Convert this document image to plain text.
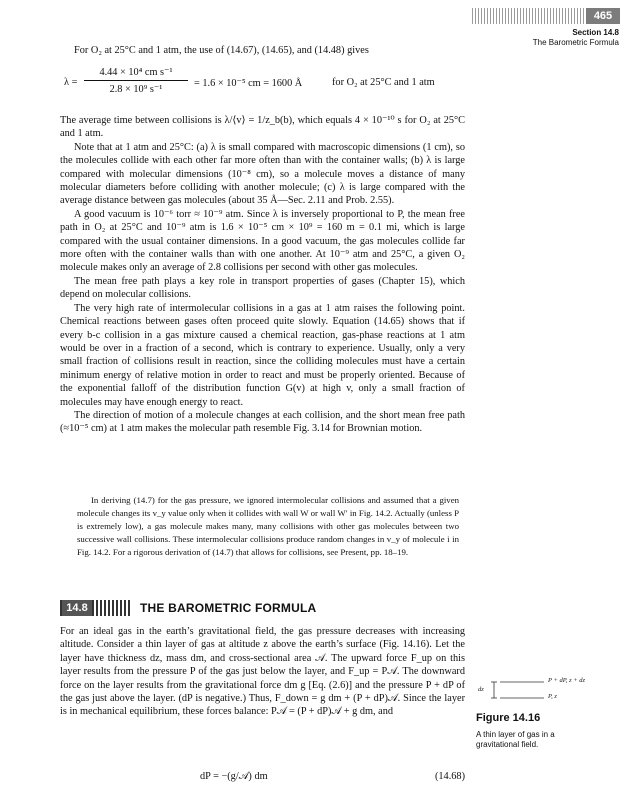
465
Section 14.8
The Barometric Formula

For O₂ at 25°C and 1 atm, the use of (14.67), (14.65), and (14.48) gives

$\lambda = \frac{\text{4.44 × 10⁴ cm s⁻¹}}{\text{2.8 × 10⁹ s⁻¹}} = 1.6 \times 10^{-5}$ cm = 1600 Å	for O₂ at 25°C and 1 atm

The average time between collisions is λ/⟨v⟩ = 1/z_b(b), which equals 4 × 10⁻¹⁰ s for O₂ at 25°C and 1 atm.

Note that at 1 atm and 25°C: (a) λ is small compared with macroscopic dimensions (1 cm), so the molecules collide with each other far more often than with the container walls; (b) λ is large compared with molecular dimensions (10⁻⁸ cm), so a molecule moves a distance of many molecular diameters before colliding with another molecule; (c) λ is large compared with the average distance between gas molecules (about 35 Å—Sec. 2.11 and Prob. 2.55).

A good vacuum is 10⁻⁶ torr ≈ 10⁻⁹ atm. Since λ is inversely proportional to P, the mean free path in O₂ at 25°C and 10⁻⁹ atm is 1.6 × 10⁻⁵ cm × 10⁹ = 160 m = 0.1 mi, which is large compared with the usual container dimensions. In a good vacuum, the gas molecules collide far more often with the container walls than with one another. At 10⁻⁹ atm and 25°C, a given O₂ molecule makes only an average of 2.8 collisions per second with other gas molecules.

The mean free path plays a key role in transport properties of gases (Chapter 15), which depend on molecular collisions.

The very high rate of intermolecular collisions in a gas at 1 atm raises the following point. Chemical reactions between gases often proceed quite slowly. Equation (14.65) shows that if every b-c collision in a gas mixture caused a chemical reaction, gas-phase reactions at 1 atm would be over in a fraction of a second, which is contrary to experience. Usually, only a very small fraction of collisions result in reaction, since the colliding molecules must have a certain minimum energy of relative motion in order to react and must be properly oriented. Because of the exponential falloff of the distribution function G(v) at high v, only a small fraction of molecules may have enough energy to react.

The direction of motion of a molecule changes at each collision, and the short mean free path (≈10⁻⁵ cm) at 1 atm makes the molecular path resemble Fig. 3.14 for Brownian motion.

In deriving (14.7) for the gas pressure, we ignored intermolecular collisions and assumed that a given molecule changes its v_y value only when it collides with wall W or wall W′ in Fig. 14.2. Actually (unless P is extremely low), a gas molecule makes many, many collisions with other gas molecules between two successive wall collisions. These intermolecular collisions produce random changes in v_y of molecule i in Fig. 14.2. For a rigorous derivation of (14.7) that allows for collisions, see Present, pp. 18–19.

14.8	THE BAROMETRIC FORMULA

For an ideal gas in the earth’s gravitational field, the gas pressure decreases with increasing altitude. Consider a thin layer of gas at altitude z above the earth’s surface (Fig. 14.16). Let the layer have thickness dz, mass dm, and cross-sectional area 𝒜. The upward force F_up on this layer results from the pressure P of the gas just below the layer, and F_up = P𝒜. The downward force on the layer results from the gravitational force dm g [Eq. (2.6)] and the pressure P + dP of the gas just above the layer. (dP is negative.) Thus, F_down = g dm + (P + dP)𝒜. Since the layer is in mechanical equilibrium, these forces balance: P𝒜 = (P + dP)𝒜 + g dm, and

dP = −(g/𝒜) dm	(14.68)
dz
P + dP, z + dz
P, z
Figure 14.16
A thin layer of gas in a gravitational field.
